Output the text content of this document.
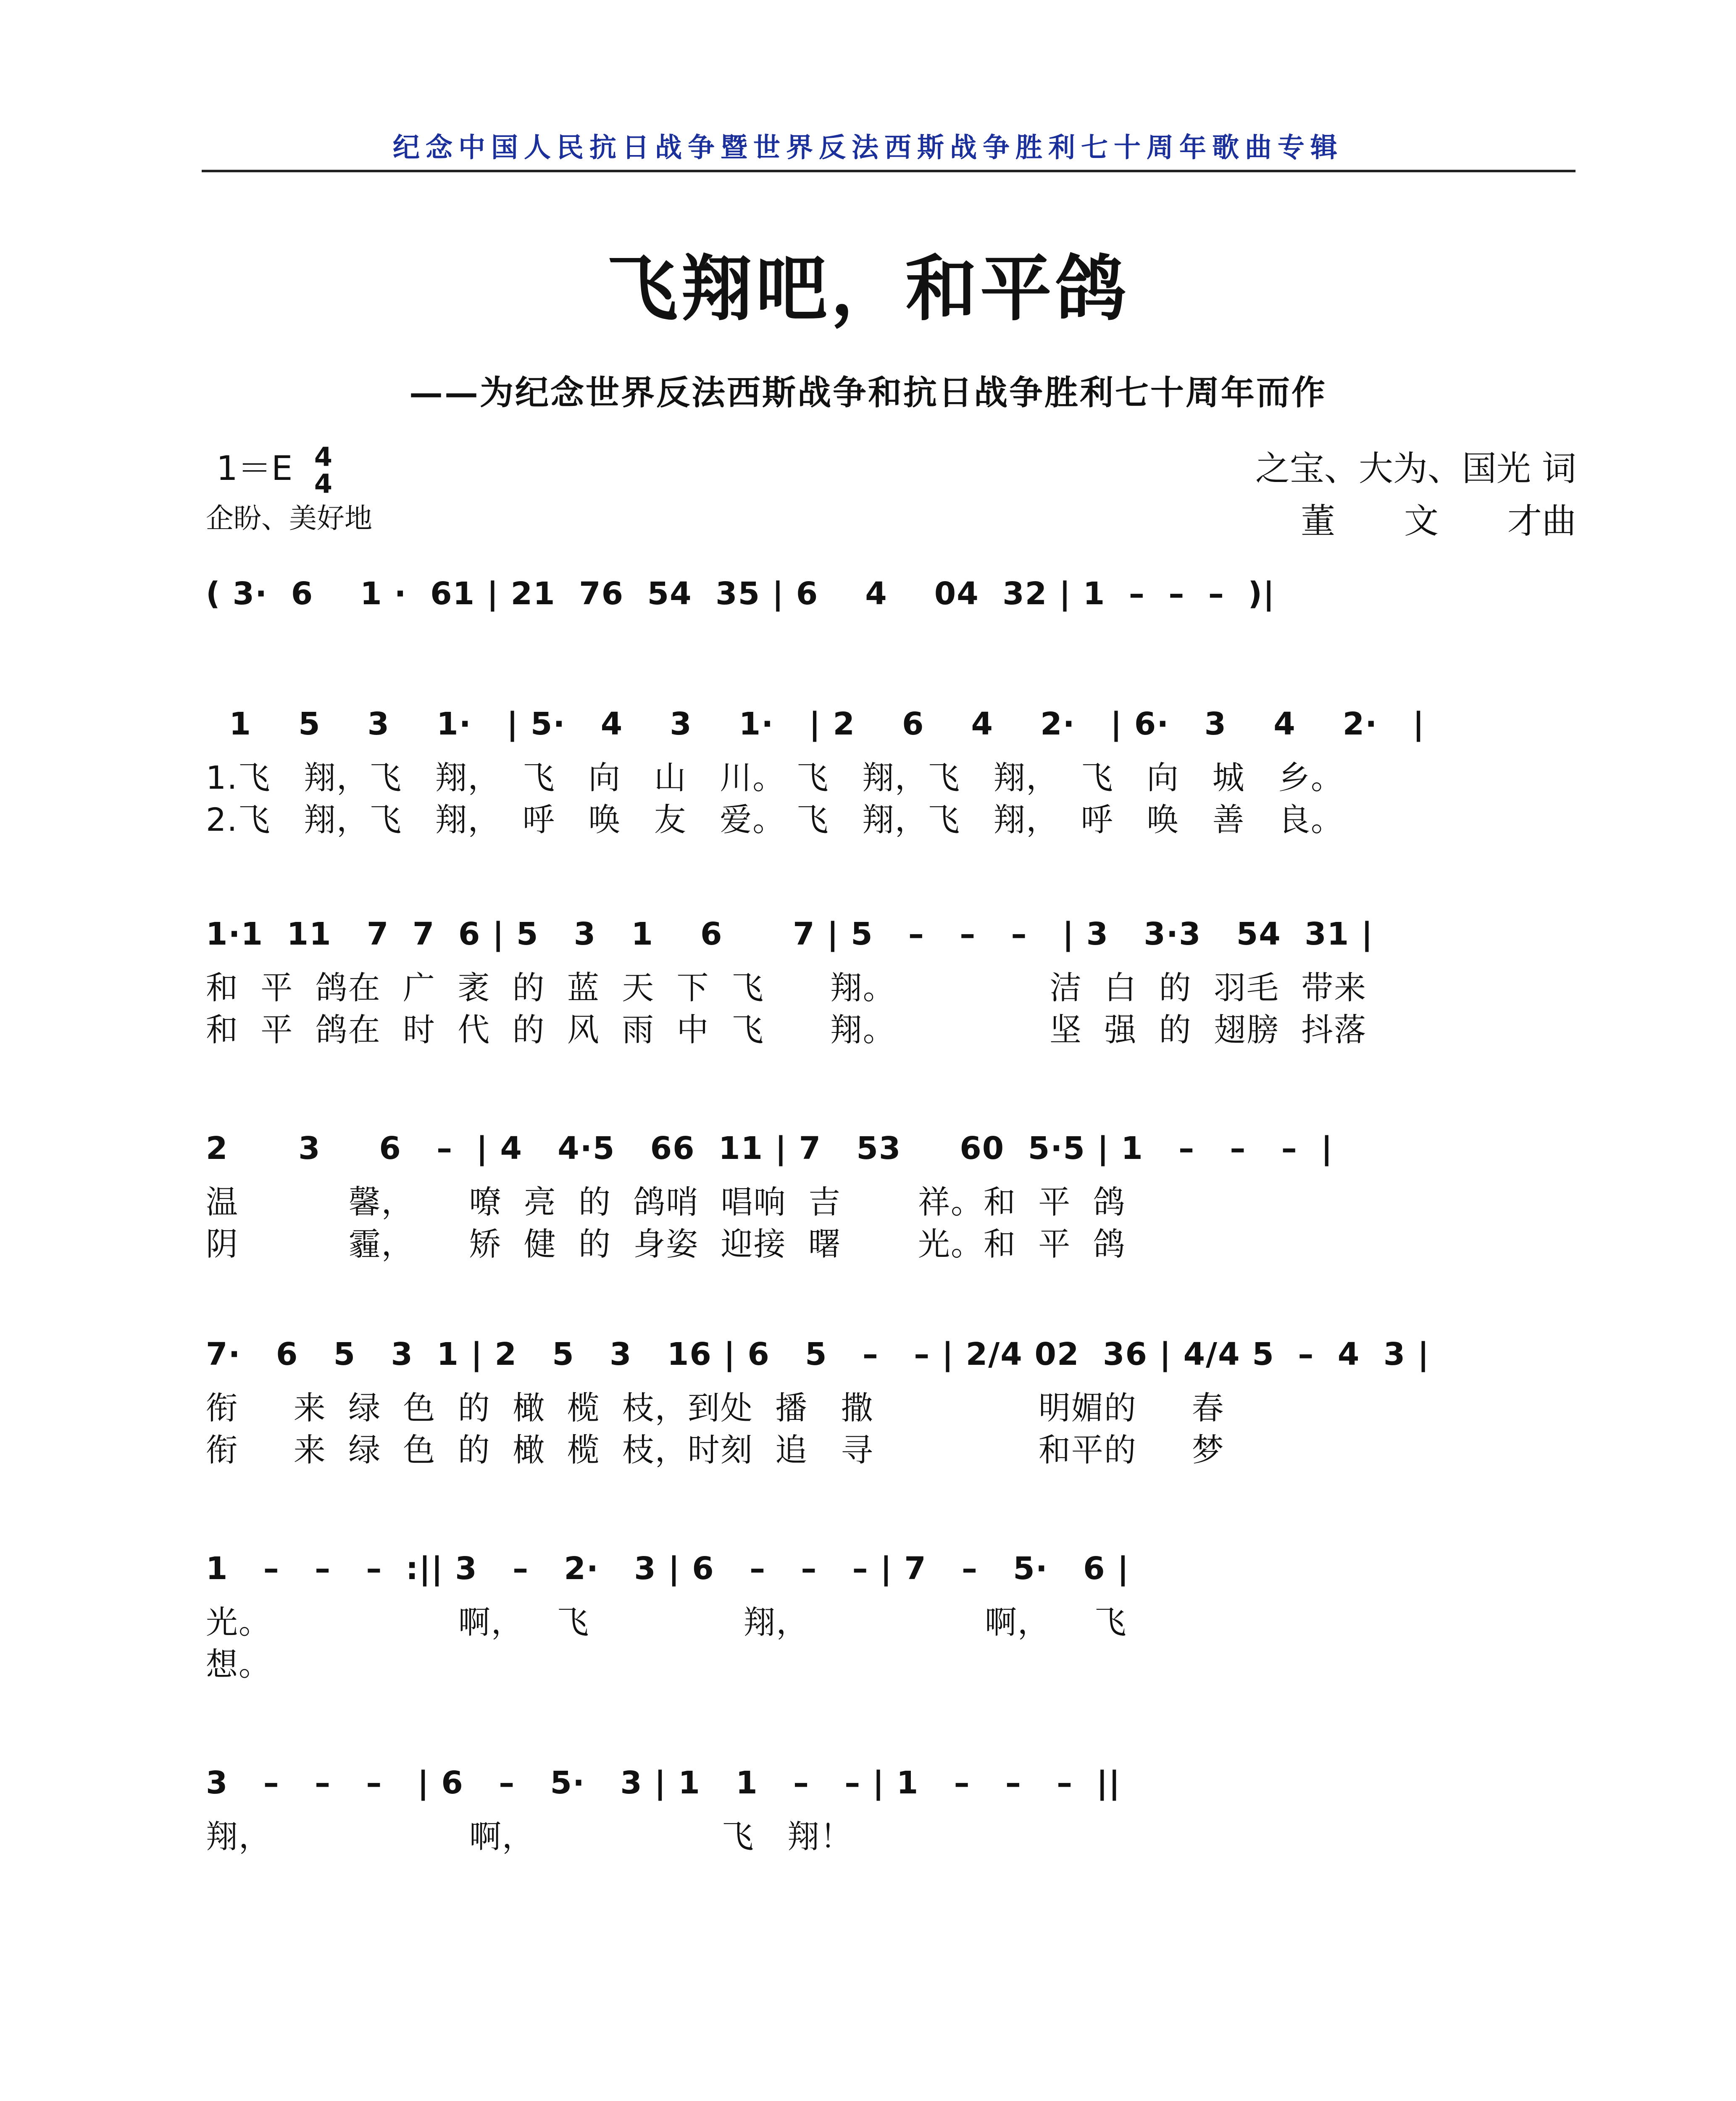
纪念中国人民抗日战争暨世界反法西斯战争胜利七十周年歌曲专辑
飞翔吧，和平鸽
——为纪念世界反法西斯战争和抗日战争胜利七十周年而作
1＝E 4
4
企盼、美好地
之宝、大为、国光 词
董　　文　　才曲
( 3·  6    1 ·  61 | 21  76  54  35 | 6    4    04  32 | 1  –  –  –  )|
1    5    3    1·   | 5·   4    3    1·   | 2    6    4    2·   | 6·   3    4    2·   |
1.飞   翔，飞   翔，  飞   向   山   川。 飞   翔，飞   翔，  飞   向   城   乡。
2.飞   翔，飞   翔，  呼   唤   友   爱。 飞   翔，飞   翔，  呼   唤   善   良。
1·1  11   7  7  6 | 5   3   1    6      7 | 5   –   –   –   | 3   3·3   54  31 |
和  平  鸽在  广  袤  的  蓝  天  下  飞      翔。              洁  白  的  羽毛  带来
和  平  鸽在  时  代  的  风  雨  中  飞      翔。              坚  强  的  翅膀  抖落
2      3     6   –  | 4   4·5   66  11 | 7   53     60  5·5 | 1   –   –   –  |
温          馨，     嘹  亮  的  鸽哨  唱响  吉       祥。和  平  鸽
阴          霾，     矫  健  的  身姿  迎接  曙       光。和  平  鸽
7·   6   5   3  1 | 2   5   3   16 | 6   5   –   – | 2/4 02  36 | 4/4 5  –  4  3 |
衔     来  绿  色  的  橄  榄  枝，到处  播   撒               明媚的     春
衔     来  绿  色  的  橄  榄  枝，时刻  追   寻               和平的     梦
1   –   –   –  :|| 3   –   2·   3 | 6   –   –   – | 7   –   5·   6 |
光。                 啊，   飞              翔，                啊，    飞
想。
3   –   –   –   | 6   –   5·   3 | 1   1   –   – | 1   –   –   –  ||
翔，                  啊，                 飞   翔！
